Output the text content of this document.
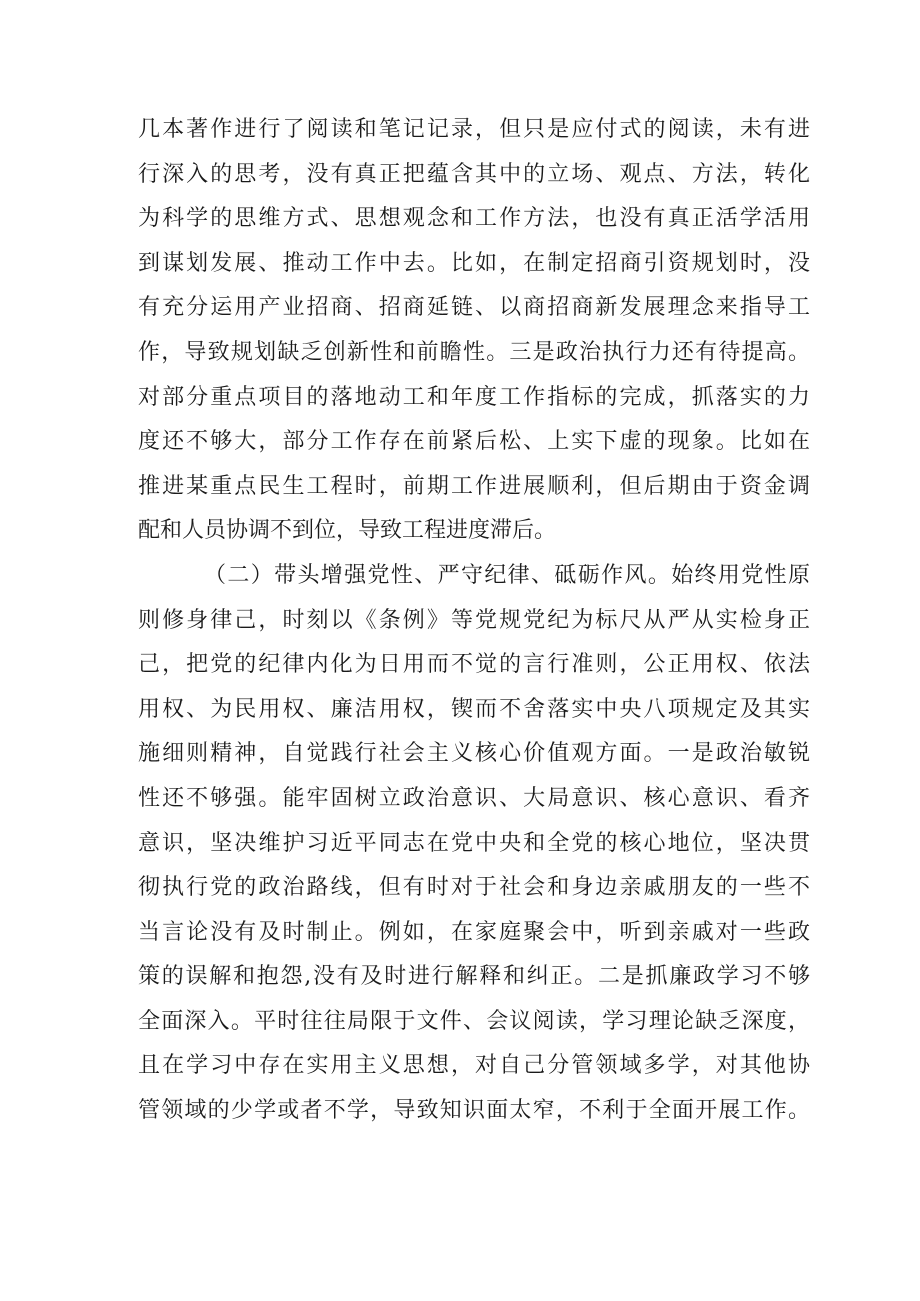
几本著作进行了阅读和笔记记录，但只是应付式的阅读，未有进
行深入的思考，没有真正把蕴含其中的立场、观点、方法，转化
为科学的思维方式、思想观念和工作方法，也没有真正活学活用
到谋划发展、推动工作中去。比如，在制定招商引资规划时，没
有充分运用产业招商、招商延链、以商招商新发展理念来指导工
作，导致规划缺乏创新性和前瞻性。三是政治执行力还有待提高。
对部分重点项目的落地动工和年度工作指标的完成，抓落实的力
度还不够大，部分工作存在前紧后松、上实下虚的现象。比如在
推进某重点民生工程时，前期工作进展顺利，但后期由于资金调
配和人员协调不到位，导致工程进度滞后。
（二）带头增强党性、严守纪律、砥砺作风。始终用党性原
则修身律己，时刻以《条例》等党规党纪为标尺从严从实检身正
己，把党的纪律内化为日用而不觉的言行准则，公正用权、依法
用权、为民用权、廉洁用权，锲而不舍落实中央八项规定及其实
施细则精神，自觉践行社会主义核心价值观方面。一是政治敏锐
性还不够强。能牢固树立政治意识、大局意识、核心意识、看齐
意识，坚决维护习近平同志在党中央和全党的核心地位，坚决贯
彻执行党的政治路线，但有时对于社会和身边亲戚朋友的一些不
当言论没有及时制止。例如，在家庭聚会中，听到亲戚对一些政
策的误解和抱怨,没有及时进行解释和纠正。二是抓廉政学习不够
全面深入。平时往往局限于文件、会议阅读，学习理论缺乏深度，
且在学习中存在实用主义思想，对自己分管领域多学，对其他协
管领域的少学或者不学，导致知识面太窄，不利于全面开展工作。
